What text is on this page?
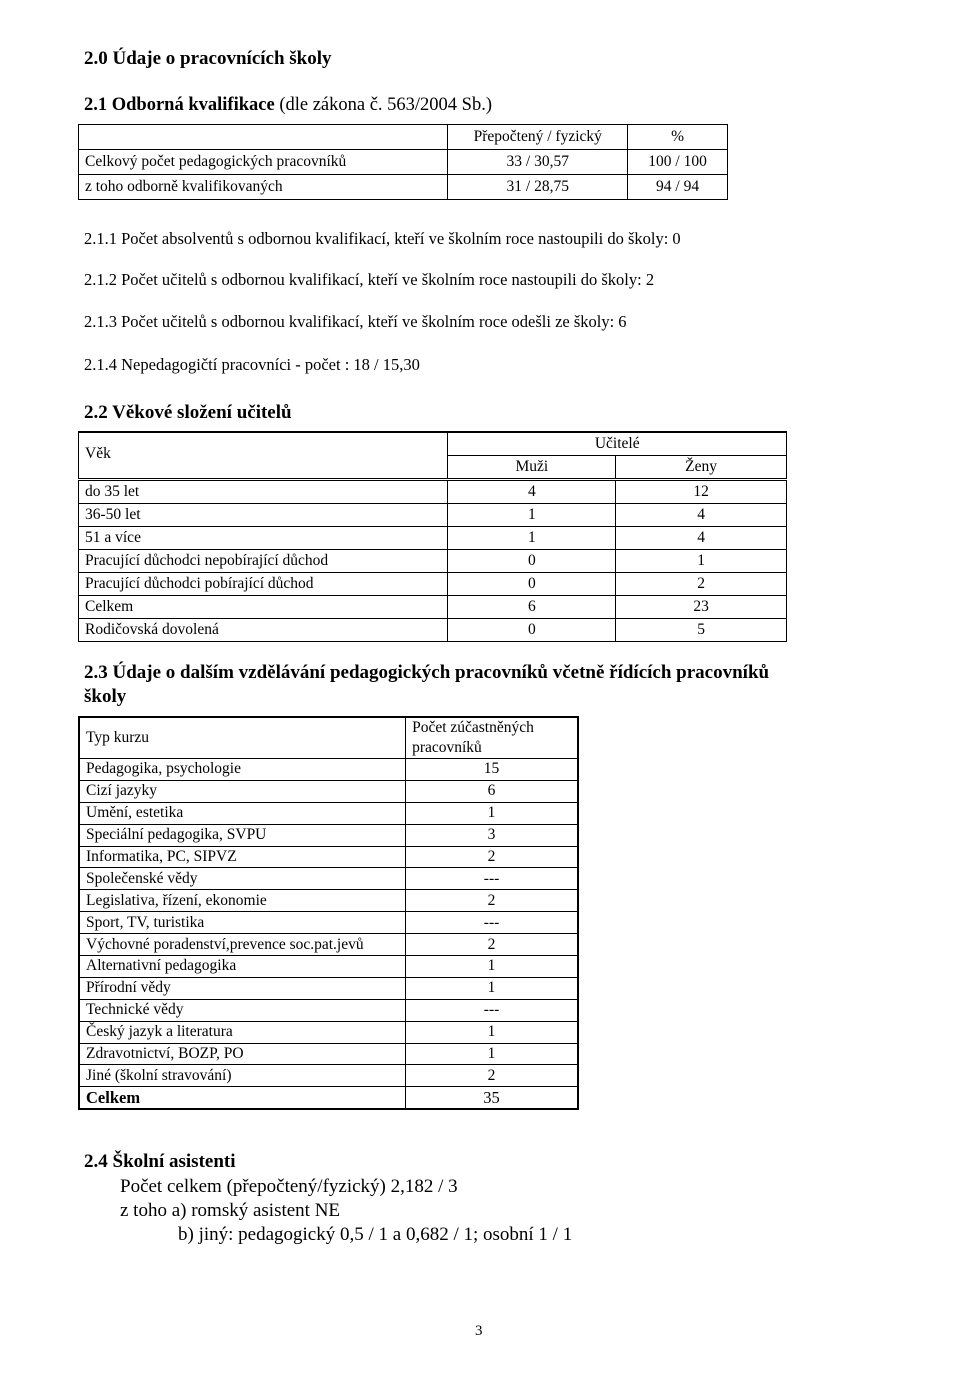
2.0 Údaje o pracovnících školy
2.1 Odborná kvalifikace (dle zákona č. 563/2004 Sb.)
	Přepočtený / fyzický	%
Celkový počet pedagogických pracovníků	33 / 30,57	100 / 100
z toho odborně kvalifikovaných	31 / 28,75	94 / 94
2.1.1 Počet absolventů s odbornou kvalifikací, kteří ve školním roce nastoupili do školy: 0
2.1.2 Počet učitelů s odbornou kvalifikací, kteří ve školním roce nastoupili do školy: 2
2.1.3 Počet učitelů s odbornou kvalifikací, kteří ve školním roce odešli ze školy: 6
2.1.4 Nepedagogičtí pracovníci - počet : 18 / 15,30
2.2 Věkové složení učitelů
Věk	Učitelé	
	Muži	Ženy
do 35 let	4	12
36-50 let	1	4
51 a více	1	4
Pracující důchodci nepobírající důchod	0	1
Pracující důchodci pobírající důchod	0	2
Celkem	6	23
Rodičovská dovolená	0	5
2.3 Údaje o dalším vzdělávání pedagogických pracovníků včetně řídících pracovníků
školy
Typ kurzu	Počet zúčastněných
pracovníků

Pedagogika, psychologie	15
Cizí jazyky	6
Umění, estetika	1
Speciální pedagogika, SVPU	3
Informatika, PC, SIPVZ	2
Společenské vědy	---
Legislativa, řízení, ekonomie	2
Sport, TV, turistika	---
Výchovné poradenství,prevence soc.pat.jevů	2
Alternativní pedagogika	1
Přírodní vědy	1
Technické vědy	---
Český jazyk a literatura	1
Zdravotnictví, BOZP, PO	1
Jiné (školní stravování)	2
Celkem	35
2.4 Školní asistenti
Počet celkem (přepočtený/fyzický) 2,182 / 3
z toho a) romský asistent NE
b) jiný: pedagogický 0,5 / 1 a 0,682 / 1; osobní 1 / 1
3
